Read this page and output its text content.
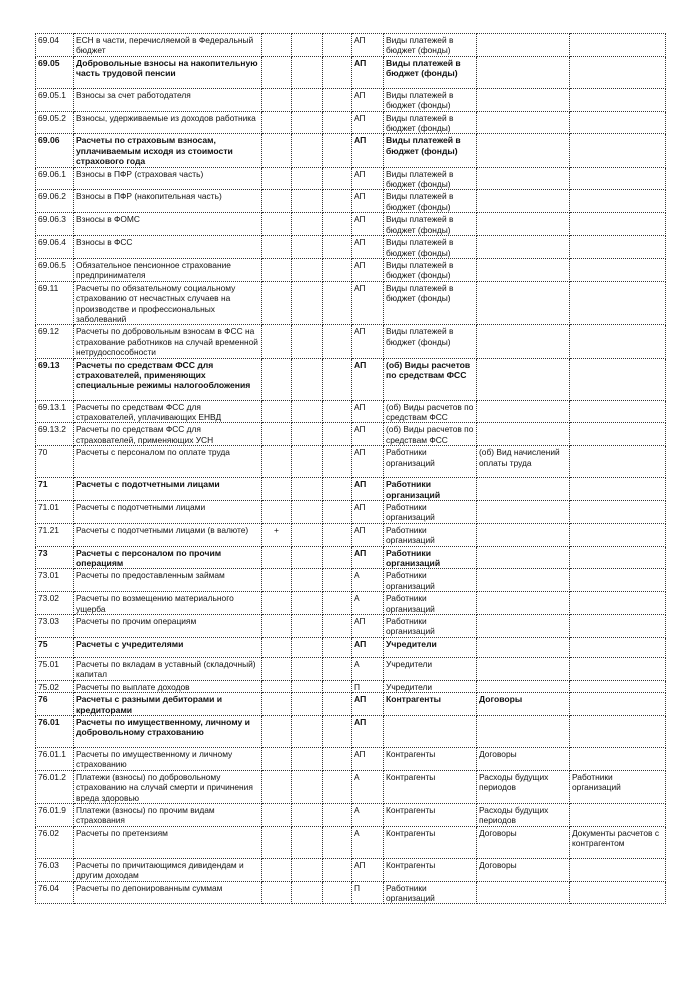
69.04	ЕСН в части, перечисляемой в Федеральный бюджет				АП	Виды платежей в бюджет (фонды)		
69.05	Добровольные взносы на накопительную часть трудовой пенсии				АП	Виды платежей в бюджет (фонды)		
69.05.1	Взносы за счет работодателя				АП	Виды платежей в бюджет (фонды)		
69.05.2	Взносы, удерживаемые из доходов работника				АП	Виды платежей в бюджет (фонды)		
69.06	Расчеты по страховым взносам, уплачиваемым исходя из стоимости страхового года				АП	Виды платежей в бюджет (фонды)		
69.06.1	Взносы в ПФР (страховая часть)				АП	Виды платежей в бюджет (фонды)		
69.06.2	Взносы в ПФР (накопительная часть)				АП	Виды платежей в бюджет (фонды)		
69.06.3	Взносы в ФОМС				АП	Виды платежей в бюджет (фонды)		
69.06.4	Взносы в ФСС				АП	Виды платежей в бюджет (фонды)		
69.06.5	Обязательное пенсионное страхование предпринимателя				АП	Виды платежей в бюджет (фонды)		
69.11	Расчеты по обязательному социальному страхованию от несчастных случаев на производстве и профессиональных заболеваний				АП	Виды платежей в бюджет (фонды)		
69.12	Расчеты по добровольным взносам в ФСС на страхование работников на случай временной нетрудоспособности				АП	Виды платежей в бюджет (фонды)		
69.13	Расчеты по средствам ФСС для страхователей, применяющих специальные режимы налогообложения				АП	(об) Виды расчетов по средствам ФСС		
69.13.1	Расчеты по средствам ФСС для страхователей, уплачивающих ЕНВД				АП	(об) Виды расчетов по средствам ФСС		
69.13.2	Расчеты по средствам ФСС для страхователей, применяющих УСН				АП	(об) Виды расчетов по средствам ФСС		
70	Расчеты с персоналом по оплате труда				АП	Работники организаций	(об) Вид начислений оплаты труда	
71	Расчеты с подотчетными лицами				АП	Работники организаций		
71.01	Расчеты с подотчетными лицами				АП	Работники организаций		
71.21	Расчеты с подотчетными лицами (в валюте)	+			АП	Работники организаций		
73	Расчеты с персоналом по прочим операциям				АП	Работники организаций		
73.01	Расчеты по предоставленным займам				А	Работники организаций		
73.02	Расчеты по возмещению материального ущерба				А	Работники организаций		
73.03	Расчеты по прочим операциям				АП	Работники организаций		
75	Расчеты с учредителями				АП	Учредители		
75.01	Расчеты по вкладам в уставный (складочный) капитал				А	Учредители		
75.02	Расчеты по выплате доходов				П	Учредители		
76	Расчеты с разными дебиторами и кредиторами				АП	Контрагенты	Договоры	
76.01	Расчеты по имущественному, личному и добровольному страхованию				АП			
76.01.1	Расчеты по имущественному и личному страхованию				АП	Контрагенты	Договоры	
76.01.2	Платежи (взносы) по добровольному страхованию на случай смерти и причинения вреда здоровью				А	Контрагенты	Расходы будущих периодов	Работники организаций
76.01.9	Платежи (взносы) по прочим видам страхования				А	Контрагенты	Расходы будущих периодов	
76.02	Расчеты по претензиям				А	Контрагенты	Договоры	Документы расчетов с контрагентом
76.03	Расчеты по причитающимся дивидендам и другим доходам				АП	Контрагенты	Договоры	
76.04	Расчеты по депонированным суммам				П	Работники организаций		
